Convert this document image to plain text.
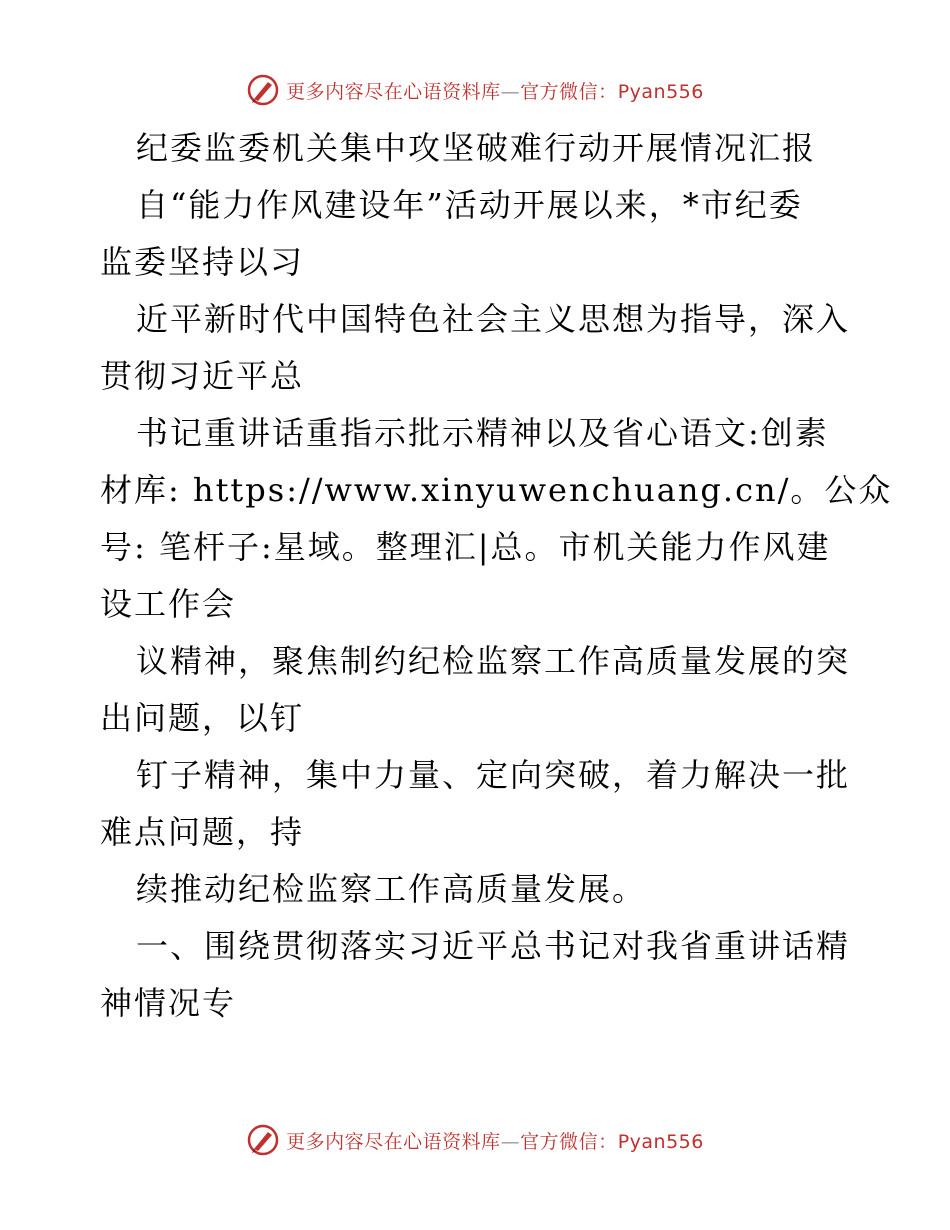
更多内容尽在心语资料库—官方微信：Pyan556

纪委监委机关集中攻坚破难行动开展情况汇报

自“能力作风建设年”活动开展以来，*市纪委
监委坚持以习

近平新时代中国特色社会主义思想为指导，深入
贯彻习近平总

书记重讲话重指示批示精神以及省心语文:创素
材库: https://www.xinyuwenchuang.cn/。公众
号: 笔杆子:星域。整理汇|总。市机关能力作风建
设工作会

议精神，聚焦制约纪检监察工作高质量发展的突
出问题，以钉

钉子精神，集中力量、定向突破，着力解决一批
难点问题，持

续推动纪检监察工作高质量发展。

一、围绕贯彻落实习近平总书记对我省重讲话精
神情况专

更多内容尽在心语资料库—官方微信：Pyan556
